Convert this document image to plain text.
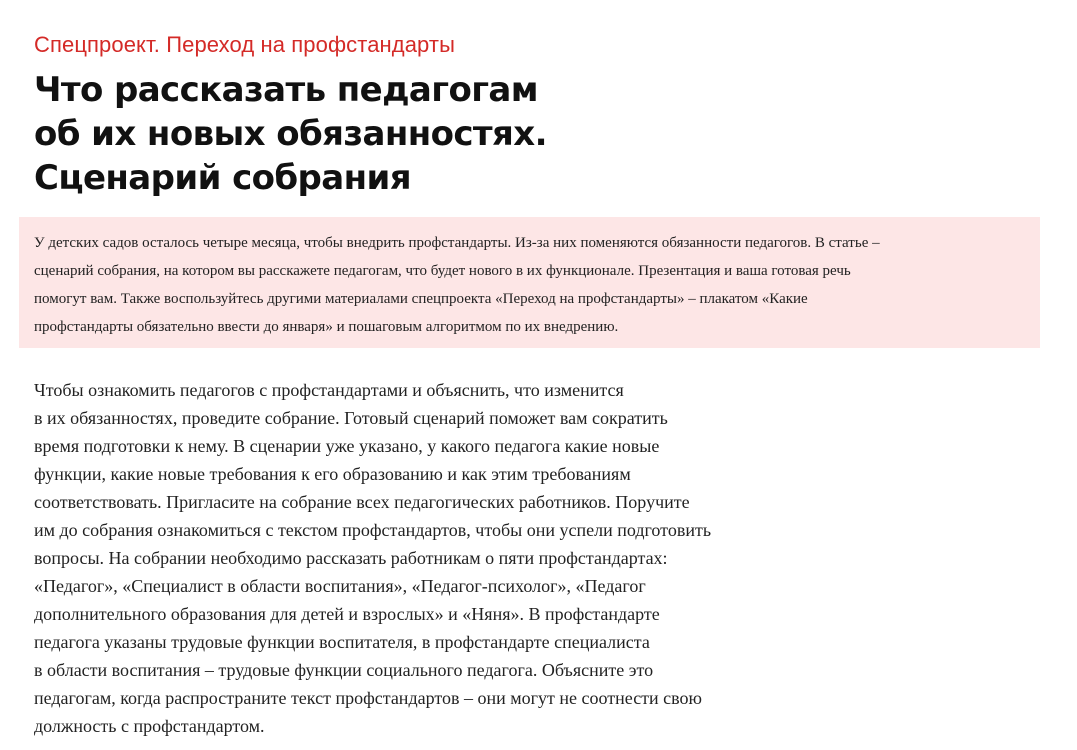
Спецпроект. Переход на профстандарты
Что рассказать педагогам
об их новых обязанностях.
Сценарий собрания
У детских садов осталось четыре месяца, чтобы внедрить профстандарты. Из-за них поменяются обязанности педагогов. В статье –
сценарий собрания, на котором вы расскажете педагогам, что будет нового в их функционале. Презентация и ваша готовая речь
помогут вам. Также воспользуйтесь другими материалами спецпроекта «Переход на профстандарты» – плакатом «Какие
профстандарты обязательно ввести до января» и пошаговым алгоритмом по их внедрению.
Чтобы ознакомить педагогов с профстандартами и объяснить, что изменится
в их обязанностях, проведите собрание. Готовый сценарий поможет вам сократить
время подготовки к нему. В сценарии уже указано, у какого педагога какие новые
функции, какие новые требования к его образованию и как этим требованиям
соответствовать. Пригласите на собрание всех педагогических работников. Поручите
им до собрания ознакомиться с текстом профстандартов, чтобы они успели подготовить
вопросы. На собрании необходимо рассказать работникам о пяти профстандартах:
«Педагог», «Специалист в области воспитания», «Педагог-психолог», «Педагог
дополнительного образования для детей и взрослых» и «Няня». В профстандарте
педагога указаны трудовые функции воспитателя, в профстандарте специалиста
в области воспитания – трудовые функции социального педагога. Объясните это
педагогам, когда распространите текст профстандартов – они могут не соотнести свою
должность с профстандартом.
